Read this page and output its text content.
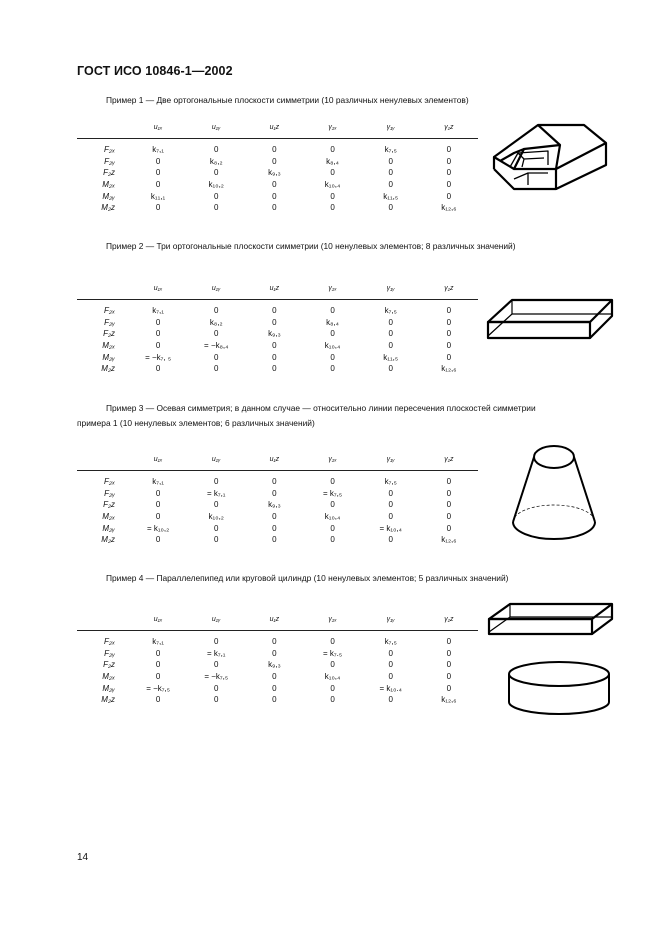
ГОСТ ИСО 10846-1—2002
Пример 1 — Две ортогональные плоскости симметрии (10 различных ненулевых элементов)
	u₁ₓ	u₁ᵧ	u₁z	γ₁ₓ	γ₁ᵧ	γ₁z
F₂ₓ	k₇,₁	0	0	0	k₇,₅	0
F₂ᵧ	0	k₈,₂	0	k₈,₄	0	0
F₂z	0	0	k₉,₃	0	0	0
M₂ₓ	0	k₁₀,₂	0	k₁₀,₄	0	0
M₂ᵧ	k₁₁,₁	0	0	0	k₁₁,₅	0
M₂z	0	0	0	0	0	k₁₂,₆
Пример 2 — Три ортогональные плоскости симметрии (10 ненулевых элементов; 8 различных значений)
	u₁ₓ	u₁ᵧ	u₁z	γ₁ₓ	γ₁ᵧ	γ₁z
F₂ₓ	k₇,₁	0	0	0	k₇,₅	0
F₂ᵧ	0	k₈,₂	0	k₈,₄	0	0
F₂z	0	0	k₉,₃	0	0	0
M₂ₓ	0	= −k₈,₄	0	k₁₀,₄	0	0
M₂ᵧ	= −k₇, ₅	0	0	0	k₁₁,₅	0
M₂z	0	0	0	0	0	k₁₂,₆
Пример 3 — Осевая симметрия; в данном случае — относительно линии пересечения плоскостей симметрии
примера 1 (10 ненулевых элементов; 6 различных значений)
	u₁ₓ	u₁ᵧ	u₁z	γ₁ₓ	γ₁ᵧ	γ₁z
F₂ₓ	k₇,₁	0	0	0	k₇,₅	0
F₂ᵧ	0	= k₇,₁	0	= k₇,₅	0	0
F₂z	0	0	k₉,₃	0	0	0
M₂ₓ	0	k₁₀,₂	0	k₁₀,₄	0	0
M₂ᵧ	= k₁₀,₂	0	0	0	= k₁₀,₄	0
M₂z	0	0	0	0	0	k₁₂,₆
Пример 4 — Параллелепипед или круговой цилиндр (10 ненулевых элементов; 5 различных значений)
	u₁ₓ	u₁ᵧ	u₁z	γ₁ₓ	γ₁ᵧ	γ₁z
F₂ₓ	k₇,₁	0	0	0	k₇,₅	0
F₂ᵧ	0	= k₇,₁	0	= k₇.₅	0	0
F₂z	0	0	k₉,₃	0	0	0
M₂ₓ	0	= −k₇,₅	0	k₁₀,₄	0	0
M₂ᵧ	= −k₇,₅	0	0	0	= k₁₀.₄	0
M₂z	0	0	0	0	0	k₁₂,₆
14
